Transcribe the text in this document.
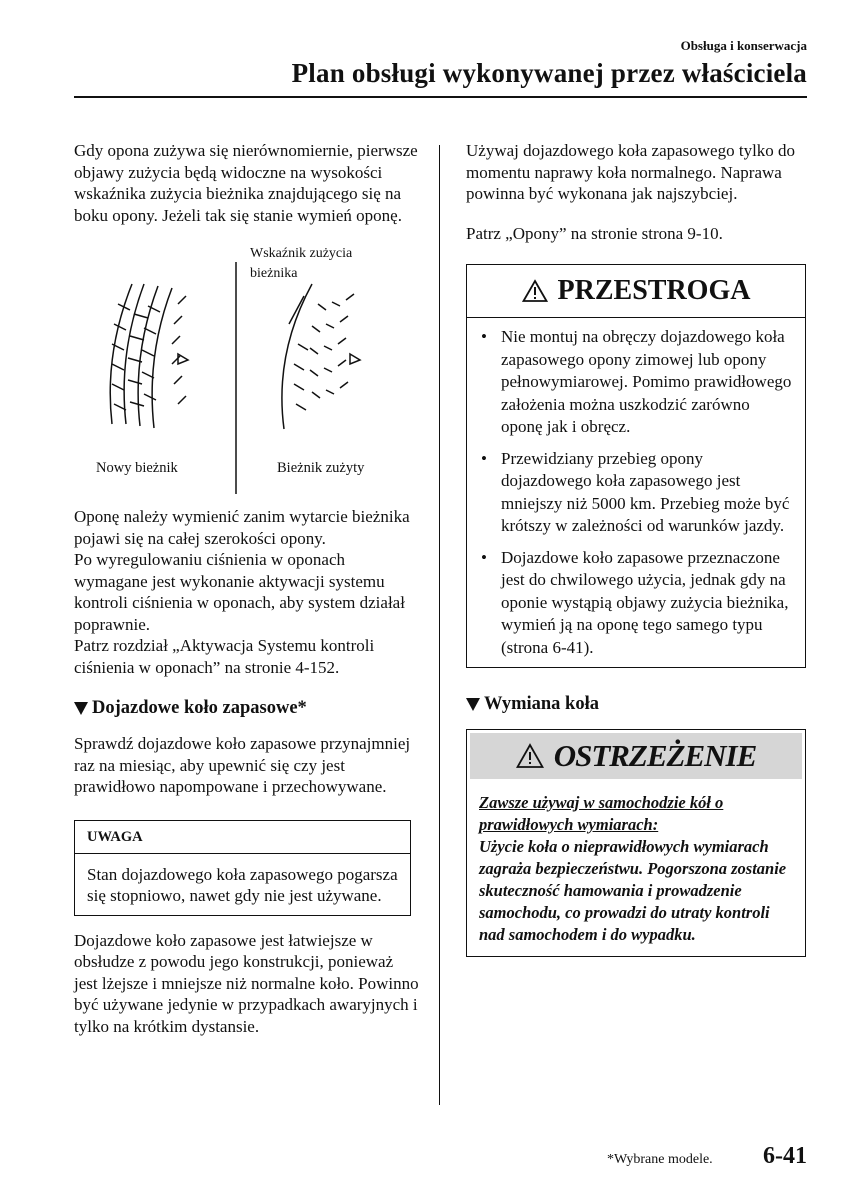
Obsługa i konserwacja
Plan obsługi wykonywanej przez właściciela

Gdy opona zużywa się nierównomiernie, pierwsze objawy zużycia będą widoczne na wysokości wskaźnika zużycia bieżnika znajdującego się na boku opony. Jeżeli tak się stanie wymień oponę.

Wskaźnik zużycia
bieżnika
Nowy bieżnik	Bieżnik zużyty

Oponę należy wymienić zanim wytarcie bieżnika pojawi się na całej szerokości opony.

Po wyregulowaniu ciśnienia w oponach wymagane jest wykonanie aktywacji systemu kontroli ciśnienia w oponach, aby system działał poprawnie.

Patrz rozdział „Aktywacja Systemu kontroli ciśnienia w oponach” na stronie 4-152.

Dojazdowe koło zapasowe*

Sprawdź dojazdowe koło zapasowe przynajmniej raz na miesiąc, aby upewnić się czy jest prawidłowo napompowane i przechowywane.

UWAGA

Stan dojazdowego koła zapasowego pogarsza się stopniowo, nawet gdy nie jest używane.

Dojazdowe koło zapasowe jest łatwiejsze w obsłudze z powodu jego konstrukcji, ponieważ jest lżejsze i mniejsze niż normalne koło. Powinno być używane jedynie w przypadkach awaryjnych i tylko na krótkim dystansie.

Używaj dojazdowego koła zapasowego tylko do momentu naprawy koła normalnego. Naprawa powinna być wykonana jak najszybciej.

Patrz „Opony” na stronie strona 9-10.

PRZESTROGA
• Nie montuj na obręczy dojazdowego koła zapasowego opony zimowej lub opony pełnowymiarowej. Pomimo prawidłowego założenia można uszkodzić zarówno oponę jak i obręcz.
• Przewidziany przebieg opony dojazdowego koła zapasowego jest mniejszy niż 5000 km. Przebieg może być krótszy w zależności od warunków jazdy.
• Dojazdowe koło zapasowe przeznaczone jest do chwilowego użycia, jednak gdy na oponie wystąpią objawy zużycia bieżnika, wymień ją na oponę tego samego typu (strona 6-41).
Wymiana koła
OSTRZEŻENIE
Zawsze używaj w samochodzie kół o prawidłowych wymiarach:
Użycie koła o nieprawidłowych wymiarach zagraża bezpieczeństwu. Pogorszona zostanie skuteczność hamowania i prowadzenie samochodu, co prowadzi do utraty kontroli nad samochodem i do wypadku.
*Wybrane modele. 6-41
